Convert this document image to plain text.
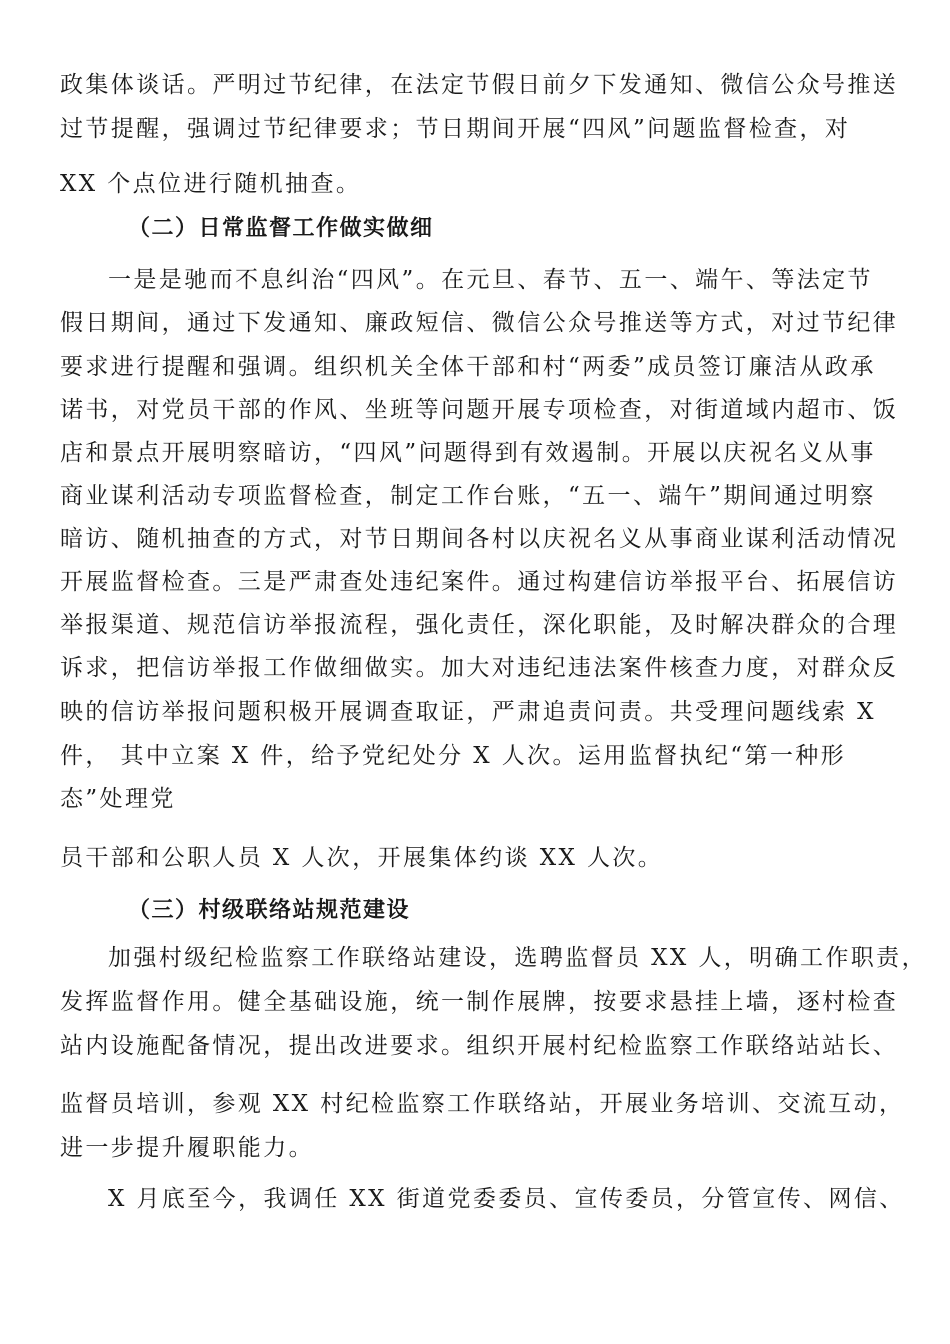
政集体谈话。严明过节纪律，在法定节假日前夕下发通知、微信公众号推送
过节提醒，强调过节纪律要求；节日期间开展“四风”问题监督检查，对
XX 个点位进行随机抽查。
（二）日常监督工作做实做细
一是是驰而不息纠治“四风”。在元旦、春节、五一、端午、等法定节
假日期间，通过下发通知、廉政短信、微信公众号推送等方式，对过节纪律
要求进行提醒和强调。组织机关全体干部和村“两委”成员签订廉洁从政承
诺书，对党员干部的作风、坐班等问题开展专项检查，对街道域内超市、饭
店和景点开展明察暗访，“四风”问题得到有效遏制。开展以庆祝名义从事
商业谋利活动专项监督检查，制定工作台账，“五一、端午”期间通过明察
暗访、随机抽查的方式，对节日期间各村以庆祝名义从事商业谋利活动情况
开展监督检查。三是严肃查处违纪案件。通过构建信访举报平台、拓展信访
举报渠道、规范信访举报流程，强化责任，深化职能，及时解决群众的合理
诉求，把信访举报工作做细做实。加大对违纪违法案件核查力度，对群众反
映的信访举报问题积极开展调查取证，严肃追责问责。共受理问题线索 X
件， 其中立案 X 件，给予党纪处分 X 人次。运用监督执纪“第一种形
态”处理党
员干部和公职人员 X 人次，开展集体约谈 XX 人次。
（三）村级联络站规范建设
加强村级纪检监察工作联络站建设，选聘监督员 XX 人，明确工作职责，
发挥监督作用。健全基础设施，统一制作展牌，按要求悬挂上墙，逐村检查
站内设施配备情况，提出改进要求。组织开展村纪检监察工作联络站站长、
监督员培训，参观 XX 村纪检监察工作联络站，开展业务培训、交流互动，
进一步提升履职能力。
X 月底至今，我调任 XX 街道党委委员、宣传委员，分管宣传、网信、
